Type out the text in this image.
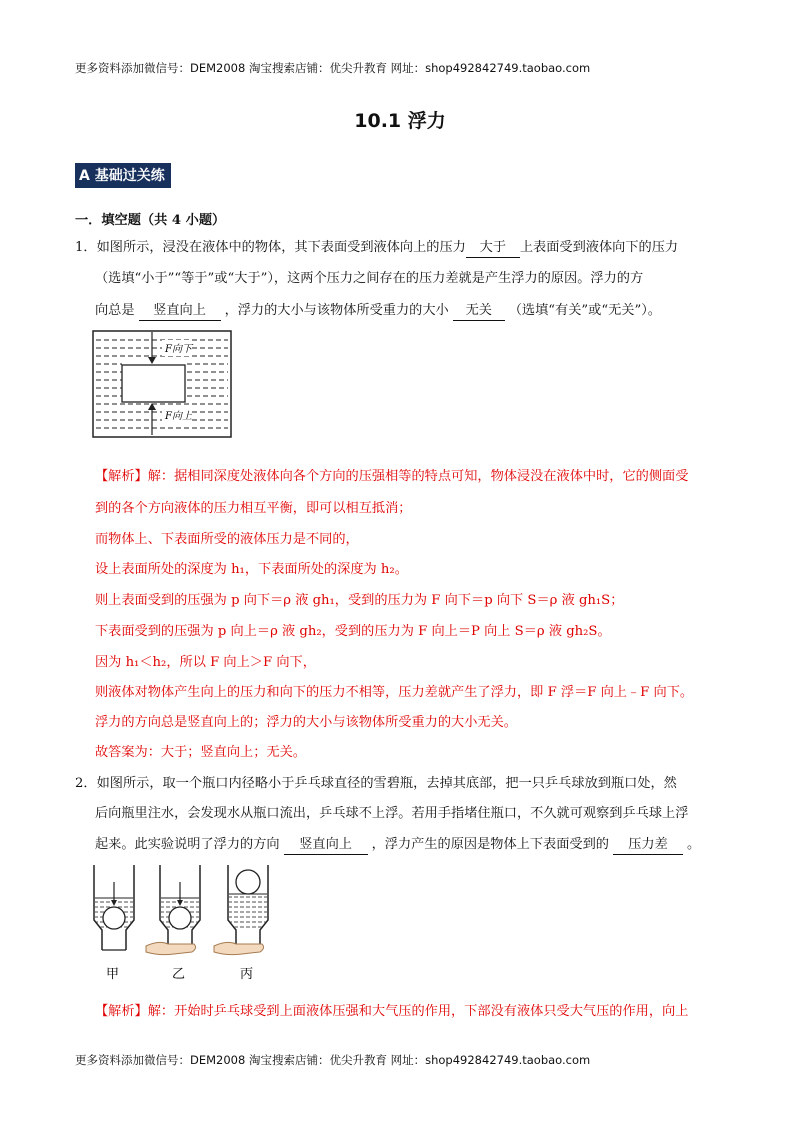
更多资料添加微信号：DEM2008 淘宝搜索店铺：优尖升教育 网址：shop492842749.taobao.com
10.1 浮力
A 基础过关练
一．填空题（共 4 小题）
1．如图所示，浸没在液体中的物体，其下表面受到液体向上的压力 大于 上表面受到液体向下的压力
（选填“小于”“等于”或“大于”），这两个压力之间存在的压力差就是产生浮力的原因。浮力的方
向总是 竖直向上 ，浮力的大小与该物体所受重力的大小 无关 （选填“有关”或“无关”）。
F向下
F向上
【解析】解：据相同深度处液体向各个方向的压强相等的特点可知，物体浸没在液体中时，它的侧面受
到的各个方向液体的压力相互平衡，即可以相互抵消；
而物体上、下表面所受的液体压力是不同的，
设上表面所处的深度为 h₁，下表面所处的深度为 h₂。
则上表面受到的压强为 p 向下＝ρ 液 gh₁，受到的压力为 F 向下＝p 向下 S＝ρ 液 gh₁S；
下表面受到的压强为 p 向上＝ρ 液 gh₂，受到的压力为 F 向上＝P 向上 S＝ρ 液 gh₂S。
因为 h₁＜h₂，所以 F 向上＞F 向下，
则液体对物体产生向上的压力和向下的压力不相等，压力差就产生了浮力，即 F 浮＝F 向上﹣F 向下。
浮力的方向总是竖直向上的；浮力的大小与该物体所受重力的大小无关。
故答案为：大于；竖直向上；无关。
2．如图所示，取一个瓶口内径略小于乒乓球直径的雪碧瓶，去掉其底部，把一只乒乓球放到瓶口处，然
后向瓶里注水，会发现水从瓶口流出，乒乓球不上浮。若用手指堵住瓶口，不久就可观察到乒乓球上浮
起来。此实验说明了浮力的方向 竖直向上 ，浮力产生的原因是物体上下表面受到的 压力差 。
甲	乙	丙
【解析】解：开始时乒乓球受到上面液体压强和大气压的作用，下部没有液体只受大气压的作用，向上
更多资料添加微信号：DEM2008 淘宝搜索店铺：优尖升教育 网址：shop492842749.taobao.com
